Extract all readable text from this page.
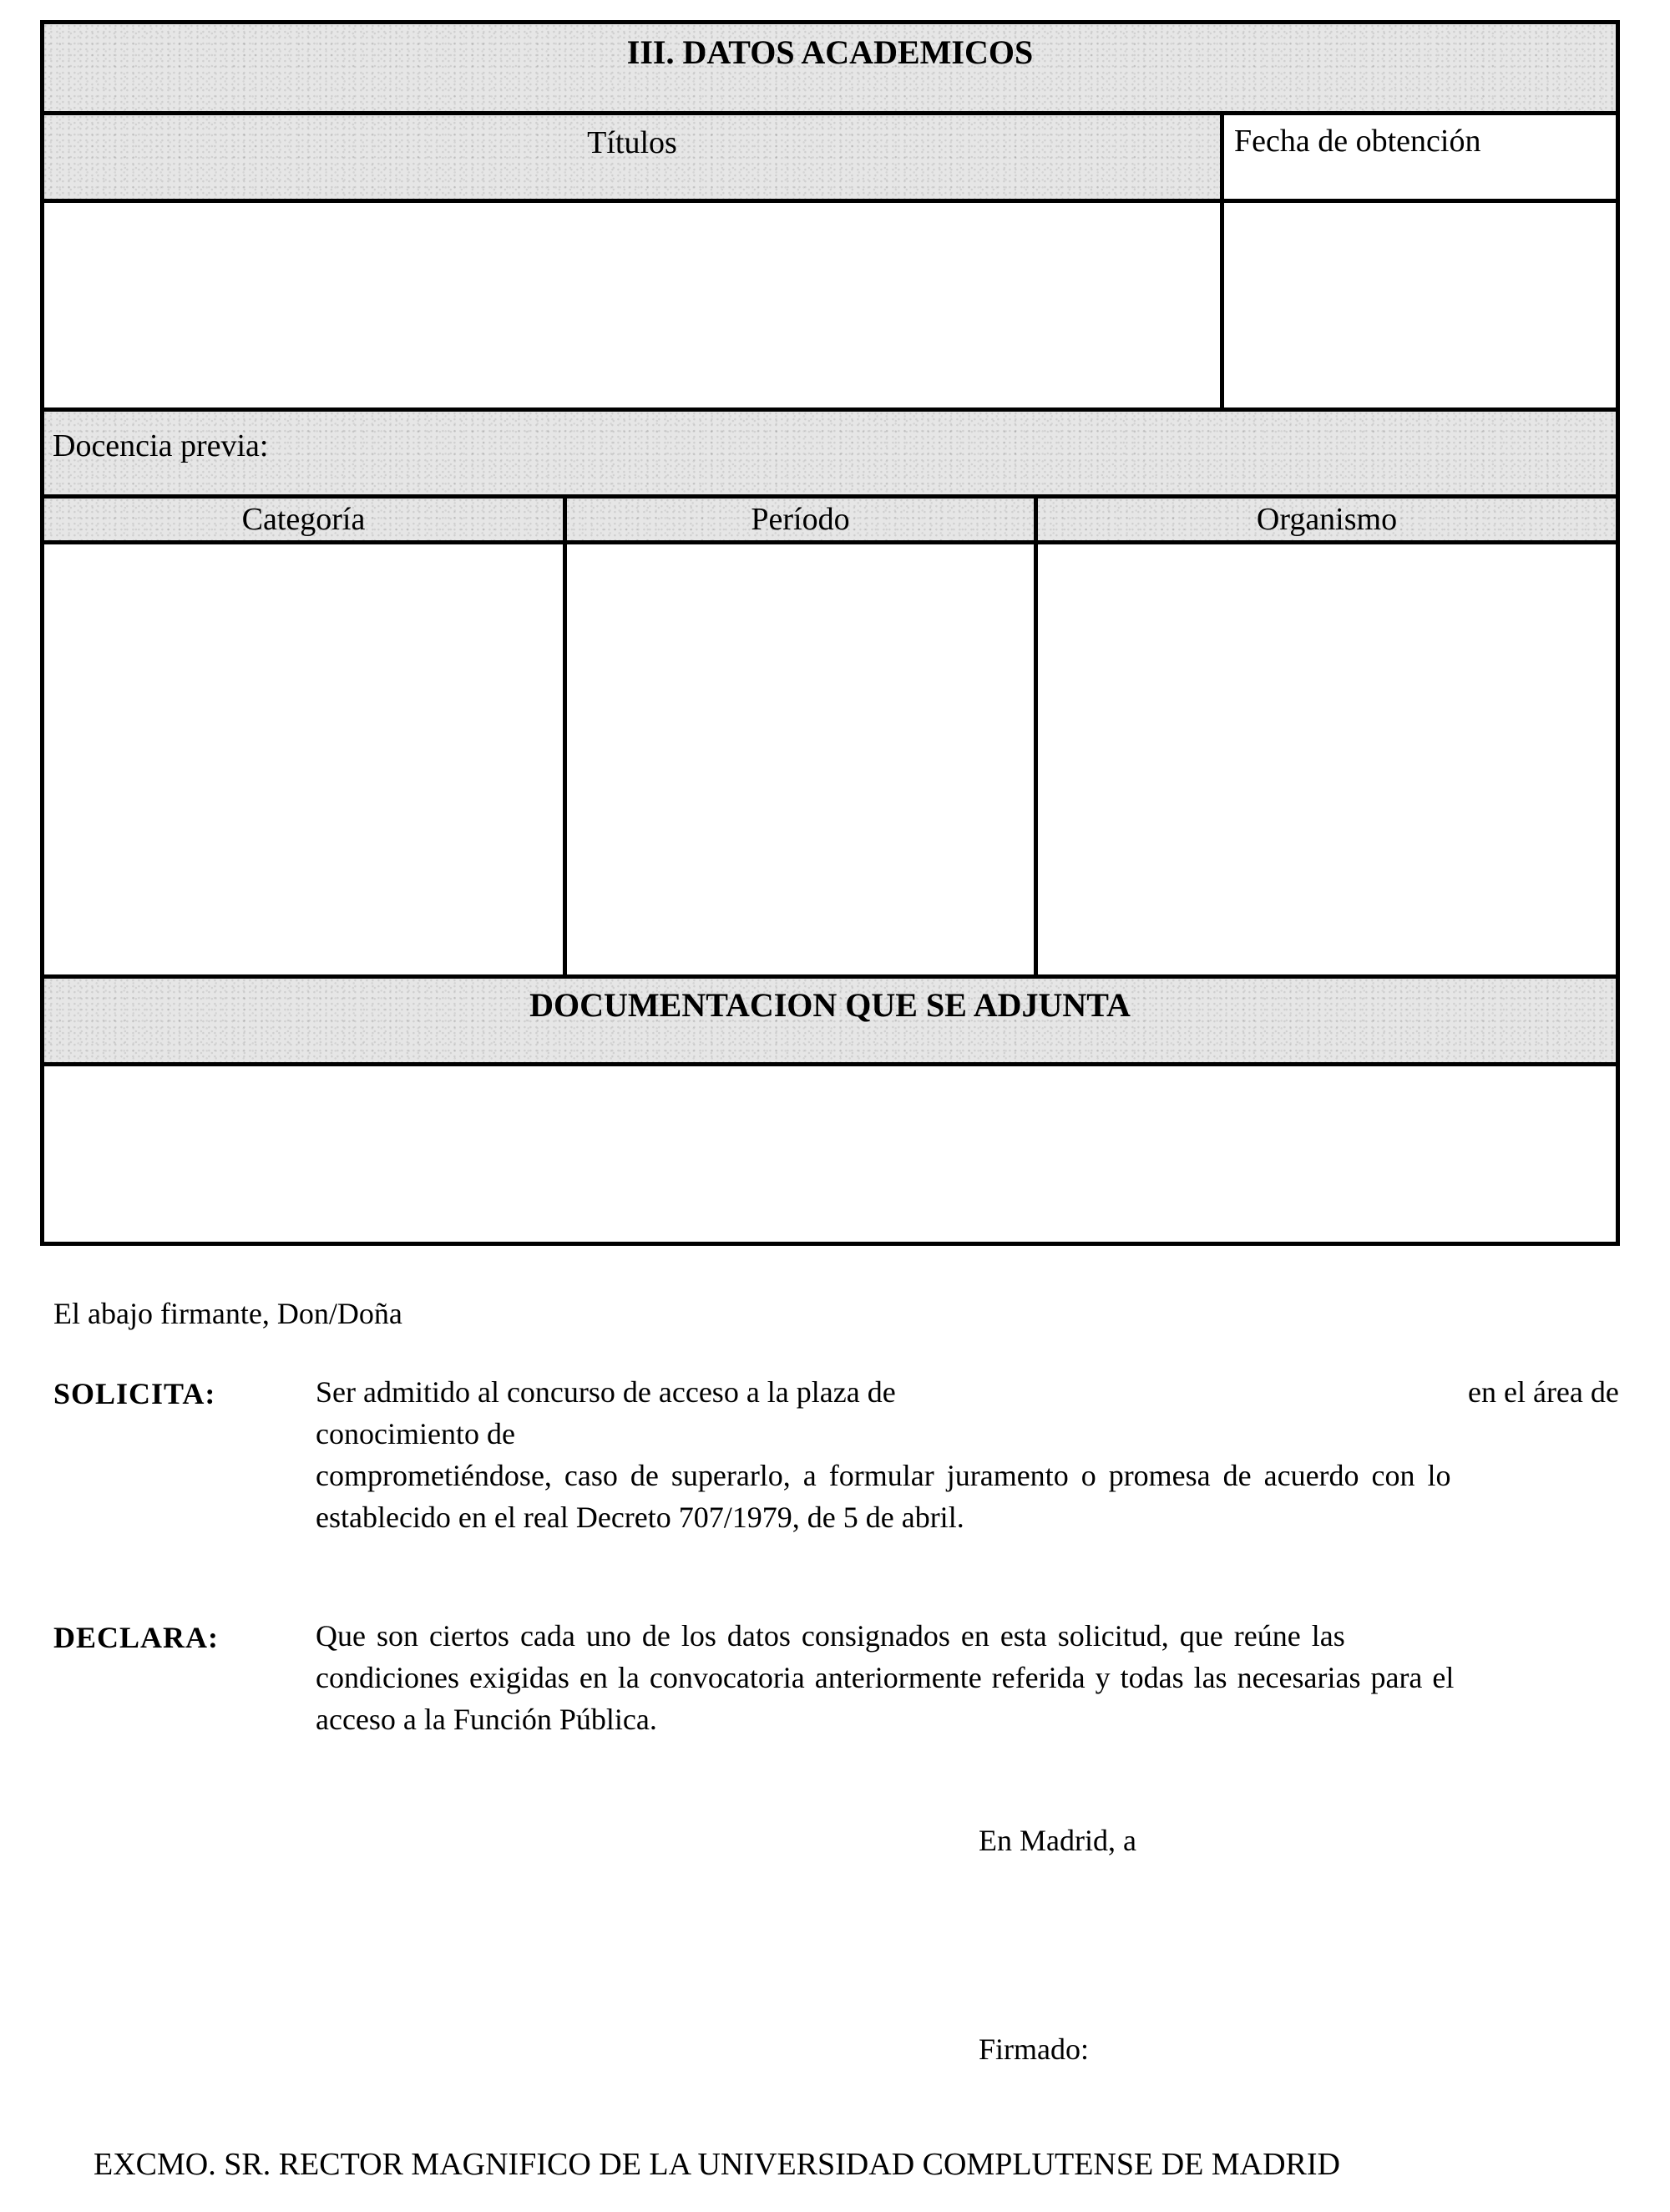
III. DATOS ACADEMICOS
Títulos	Fecha de obtención
Docencia previa:
Categoría	Período	Organismo
DOCUMENTACION QUE SE ADJUNTA
El abajo firmante, Don/Doña
SOLICITA:	Ser admitido al concurso de acceso a la plaza de	en el área de
conocimiento de
comprometiéndose, caso de superarlo, a formular juramento o promesa de acuerdo con lo
establecido en el real Decreto 707/1979, de 5 de abril.
DECLARA:	Que son ciertos cada uno de los datos consignados en esta solicitud, que reúne las
condiciones exigidas en la convocatoria anteriormente referida y todas las necesarias para el
acceso a la Función Pública.
En Madrid, a
Firmado:
EXCMO. SR. RECTOR MAGNIFICO DE LA UNIVERSIDAD COMPLUTENSE DE MADRID
